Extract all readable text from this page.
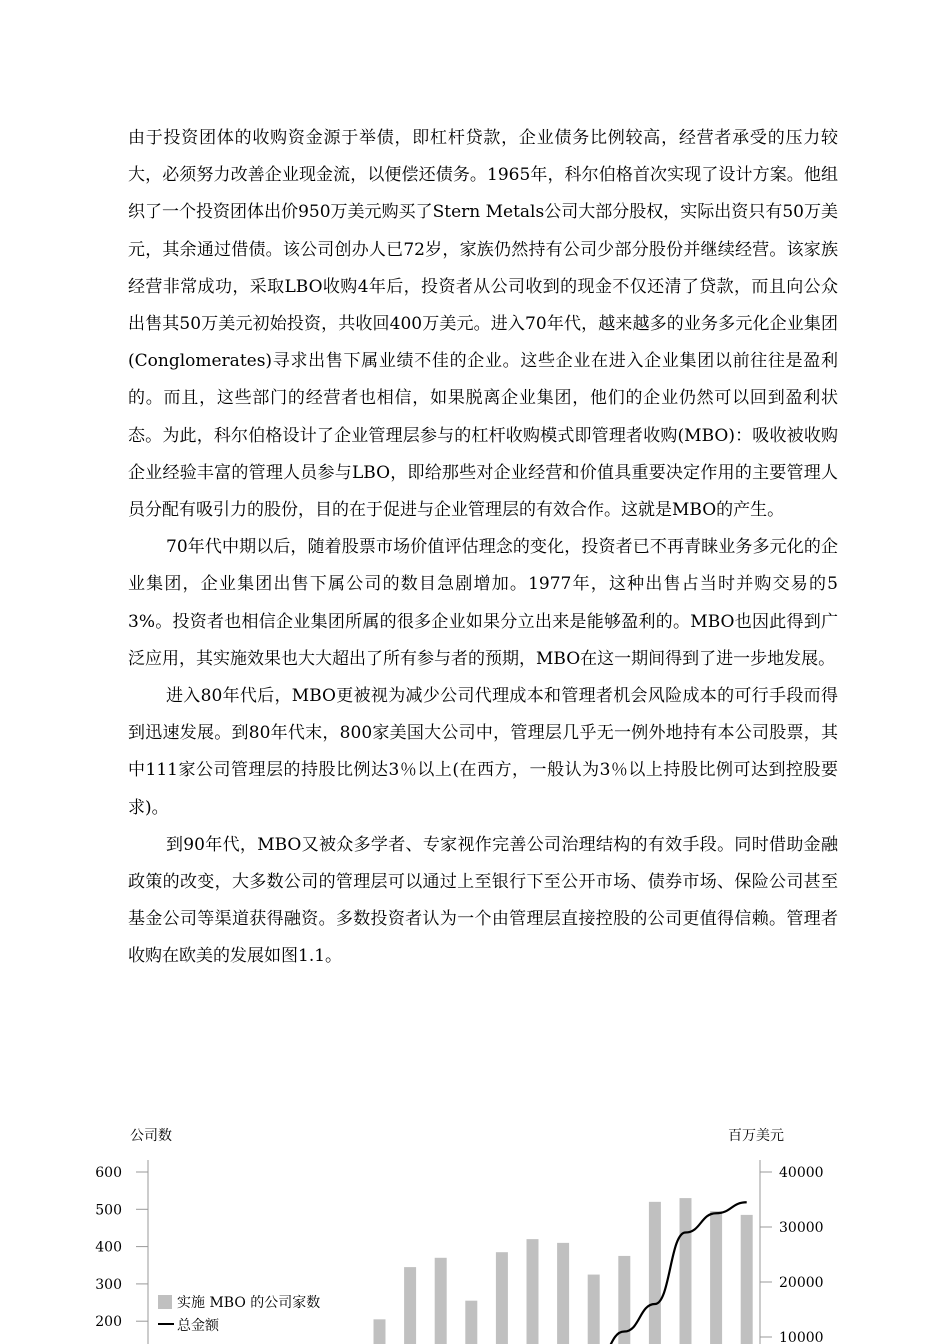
由于投资团体的收购资金源于举债，即杠杆贷款，企业债务比例较高，经营者承受的压力较大，必须努力改善企业现金流，以便偿还债务。1965年，科尔伯格首次实现了设计方案。他组织了一个投资团体出价950万美元购买了Stern Metals公司大部分股权，实际出资只有50万美元，其余通过借债。该公司创办人已72岁，家族仍然持有公司少部分股份并继续经营。该家族经营非常成功，采取LBO收购4年后，投资者从公司收到的现金不仅还清了贷款，而且向公众出售其50万美元初始投资，共收回400万美元。进入70年代，越来越多的业务多元化企业集团(Conglomerates)寻求出售下属业绩不佳的企业。这些企业在进入企业集团以前往往是盈利的。而且，这些部门的经营者也相信，如果脱离企业集团，他们的企业仍然可以回到盈利状态。为此，科尔伯格设计了企业管理层参与的杠杆收购模式即管理者收购(MBO)：吸收被收购企业经验丰富的管理人员参与LBO，即给那些对企业经营和价值具重要决定作用的主要管理人员分配有吸引力的股份，目的在于促进与企业管理层的有效合作。这就是MBO的产生。

70年代中期以后，随着股票市场价值评估理念的变化，投资者已不再青睐业务多元化的企业集团，企业集团出售下属公司的数目急剧增加。1977年，这种出售占当时并购交易的53%。投资者也相信企业集团所属的很多企业如果分立出来是能够盈利的。MBO也因此得到广泛应用，其实施效果也大大超出了所有参与者的预期，MBO在这一期间得到了进一步地发展。

进入80年代后，MBO更被视为减少公司代理成本和管理者机会风险成本的可行手段而得到迅速发展。到80年代末，800家美国大公司中，管理层几乎无一例外地持有本公司股票，其中111家公司管理层的持股比例达3％以上(在西方，一般认为3％以上持股比例可达到控股要求)。

到90年代，MBO又被众多学者、专家视作完善公司治理结构的有效手段。同时借助金融政策的改变，大多数公司的管理层可以通过上至银行下至公开市场、债券市场、保险公司甚至基金公司等渠道获得融资。多数投资者认为一个由管理层直接控股的公司更值得信赖。管理者收购在欧美的发展如图1.1。

公司数	百万美元
600
500
400
300
200
40000
30000
20000
10000
实施 MBO 的公司家数
总金额
